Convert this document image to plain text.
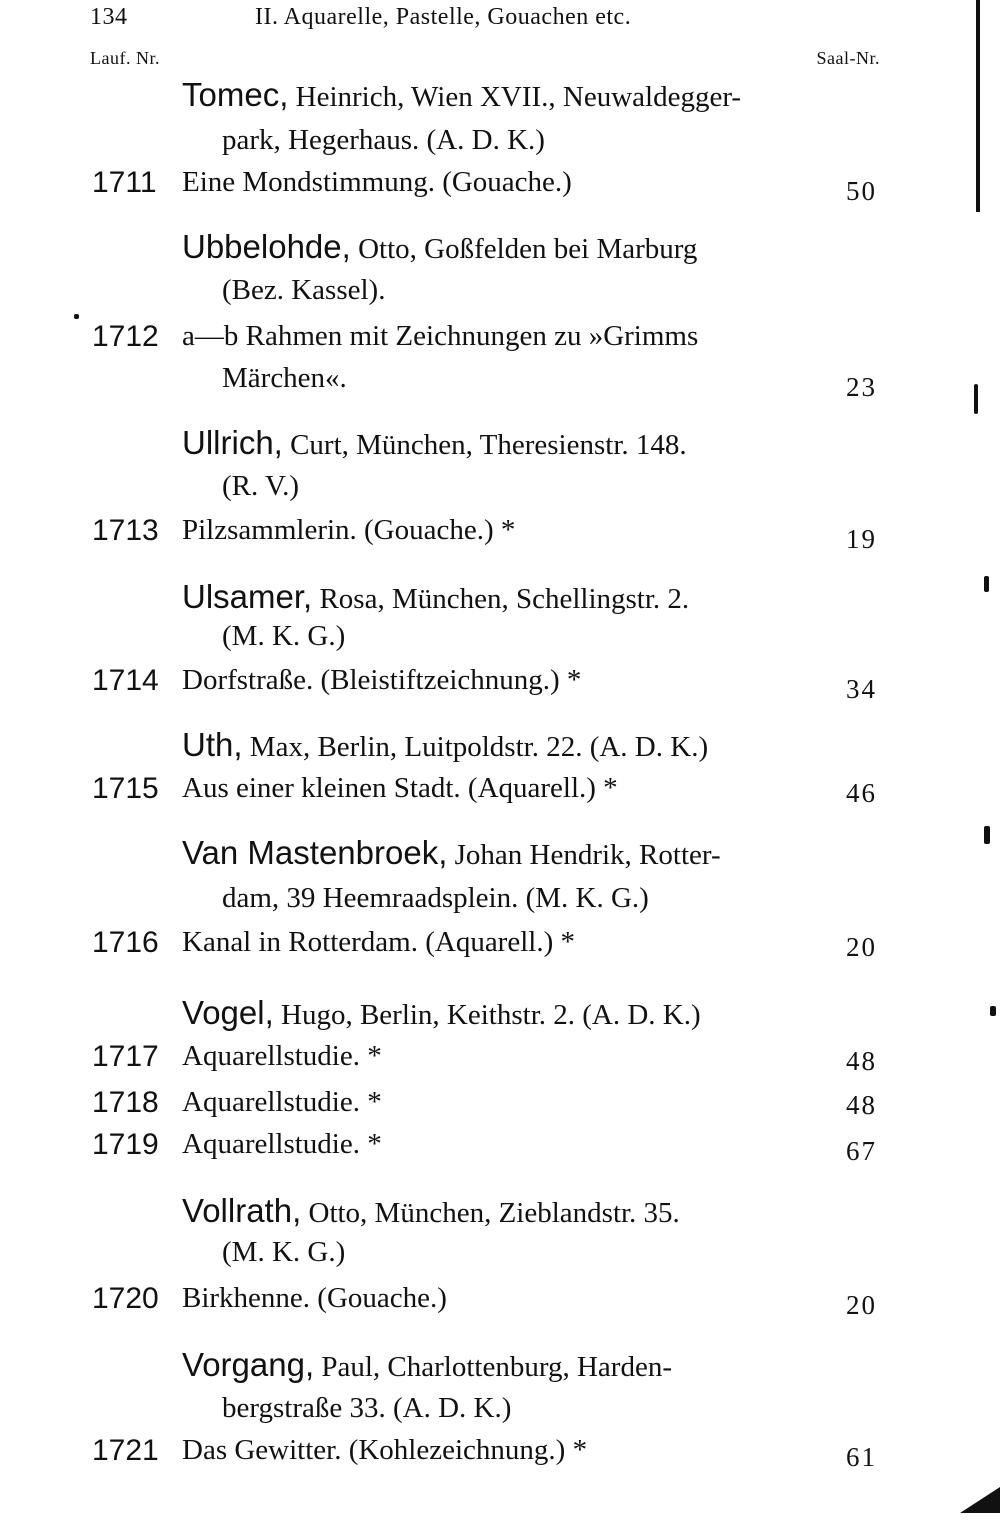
134	II. Aquarelle, Pastelle, Gouachen etc.
Lauf. Nr.	Saal-Nr.
Tomec, Heinrich, Wien XVII., Neuwaldegger-
park, Hegerhaus. (A. D. K.)
1711 Eine Mondstimmung. (Gouache.)	50
Ubbelohde, Otto, Goßfelden bei Marburg
(Bez. Kassel).
1712 a—b Rahmen mit Zeichnungen zu »Grimms
Märchen«.	23
Ullrich, Curt, München, Theresienstr. 148.
(R. V.)
1713 Pilzsammlerin. (Gouache.) *	19
Ulsamer, Rosa, München, Schellingstr. 2.
(M. K. G.)
1714 Dorfstraße. (Bleistiftzeichnung.) *	34
Uth, Max, Berlin, Luitpoldstr. 22. (A. D. K.)
1715 Aus einer kleinen Stadt. (Aquarell.) *	46
Van Mastenbroek, Johan Hendrik, Rotter-
dam, 39 Heemraadsplein. (M. K. G.)
1716 Kanal in Rotterdam. (Aquarell.) *	20
Vogel, Hugo, Berlin, Keithstr. 2. (A. D. K.)
1717 Aquarellstudie. *	48
1718 Aquarellstudie. *	48
1719 Aquarellstudie. *	67
Vollrath, Otto, München, Zieblandstr. 35.
(M. K. G.)
1720 Birkhenne. (Gouache.)	20
Vorgang, Paul, Charlottenburg, Harden-
bergstraße 33. (A. D. K.)
1721 Das Gewitter. (Kohlezeichnung.) *	61
